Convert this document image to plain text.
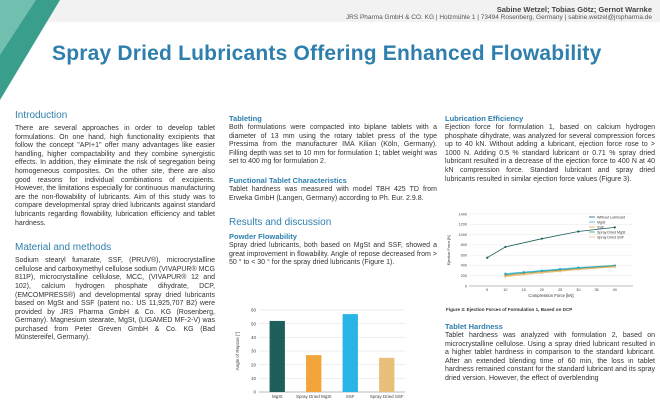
Sabine Wetzel; Tobias Götz; Gernot Warnke
JRS Pharma GmbH & CO. KG | Holzmühle 1 | 73494 Rosenberg, Germany | sabine.wetzel@jrspharma.de
Spray Dried Lubricants Offering Enhanced Flowability
Introduction

There are several approaches in order to develop tablet formulations. On one hand, high functionality excipients that follow the concept "API+1" offer many advantages like easier handling, higher compactability and they combine synergistic effects. In addition, they eliminate the risk of segregation being homogeneous composites. On the other site, there are also good reasons for individual combinations of excipients. However, the limitations especially for continuous manufacturing are the non-flowability of lubricants. Aim of this study was to compare developmental spray dried lubricants against standard lubricants regarding flowability, lubrication efficiency and tablet hardness.

Material and methods

Sodium stearyl fumarate, SSF, (PRUV®), microcrystalline cellulose and carboxymethyl cellulose sodium (VIVAPUR® MCG 811P), microcrystalline cellulose, MCC, (VIVAPUR® 12 and 102), calcium hydrogen phosphate dihydrate, DCP, (EMCOMPRESS®) and developmental spray dried lubricants based on MgSt and SSF (patent no.: US 11,925,707 B2) were provided by JRS Pharma GmbH & Co. KG (Rosenberg, Germany). Magnesium stearate, MgSt, (LIGAMED MF-2-V) was purchased from Peter Greven GmbH & Co. KG (Bad Münstereifel, Germany).

Tableting

Both formulations were compacted into biplane tablets with a diameter of 13 mm using the rotary tablet press of the type Pressima from the manufacturer IMA Kilian (Köln, Germany). Filling depth was set to 10 mm for formulation 1; tablet weight was set to 400 mg for formulation 2.

Functional Tablet Characteristics

Tablet hardness was measured with model TBH 425 TD from Erweka GmbH (Langen, Germany) according to Ph. Eur. 2.9.8.

Results and discussion
Powder Flowability

Spray dried lubricants, both based on MgSt and SSF, showed a great improvement in flowability. Angle of repose decreased from > 50 ° to < 30 ° for the spray dried lubricants (Figure 1).

0
10
20
30
40
50
60
Angle of Repose [°]
MgSt	Spray Dried MgSt	SSF	Spray Dried SSF
Lubrication Efficiency

Ejection force for formulation 1, based on calcium hydrogen phosphate dihydrate, was analyzed for several compression forces up to 40 kN. Without adding a lubricant, ejection force rose to > 1000 N. Adding 0.5 % standard lubricant or 0.71 % spray dried lubricant resulted in a decrease of the ejection force to 400 N at 40 kN compression force. Standard lubricant and spray dried lubricants resulted in similar ejection force values (Figure 3).

0
200
400
600
800
1000
1200
1400
5	10	15	20	25	30	35	40
Compression Force [kN]
Ejection Force [N]
Without Lubricant
MgSt
SSF
Spray Dried MgSt
Spray Dried SSF
Figure 3: Ejection Forces of Formulation 1, Based on DCP
Tablet Hardness

Tablet hardness was analyzed with formulation 2, based on microcrystalline cellulose. Using a spray dried lubricant resulted in a higher tablet hardness in comparison to the standard lubricant. After an extended blending time of 60 min, the loss in tablet hardness remained constant for the standard lubricant and its spray dried version. However, the effect of overblending
